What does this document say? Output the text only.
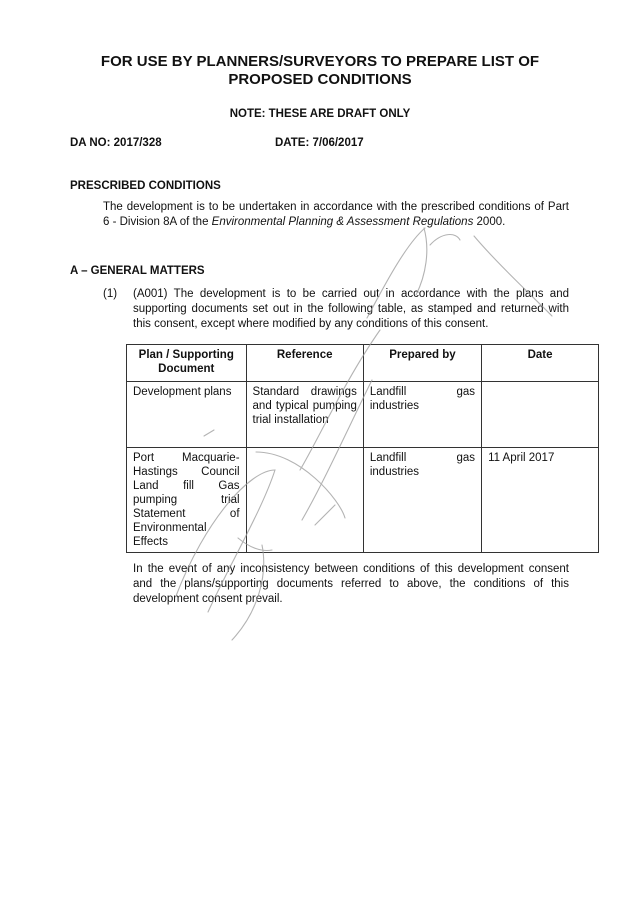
FOR USE BY PLANNERS/SURVEYORS TO PREPARE LIST OF PROPOSED CONDITIONS
NOTE: THESE ARE DRAFT ONLY
DA NO: 2017/328	DATE: 7/06/2017
PRESCRIBED CONDITIONS
The development is to be undertaken in accordance with the prescribed conditions of Part 6 - Division 8A of the Environmental Planning & Assessment Regulations 2000.
A – GENERAL MATTERS
(1) (A001) The development is to be carried out in accordance with the plans and supporting documents set out in the following table, as stamped and returned with this consent, except where modified by any conditions of this consent.
Plan / Supporting Document	Reference	Prepared by	Date
Development plans	Standard drawings and typical pumping trial installation	Landfill gas industries	
Port Macquarie-Hastings Council Land fill Gas pumping trial Statement of Environmental Effects		Landfill gas industries	11 April 2017
In the event of any inconsistency between conditions of this development consent and the plans/supporting documents referred to above, the conditions of this development consent prevail.
